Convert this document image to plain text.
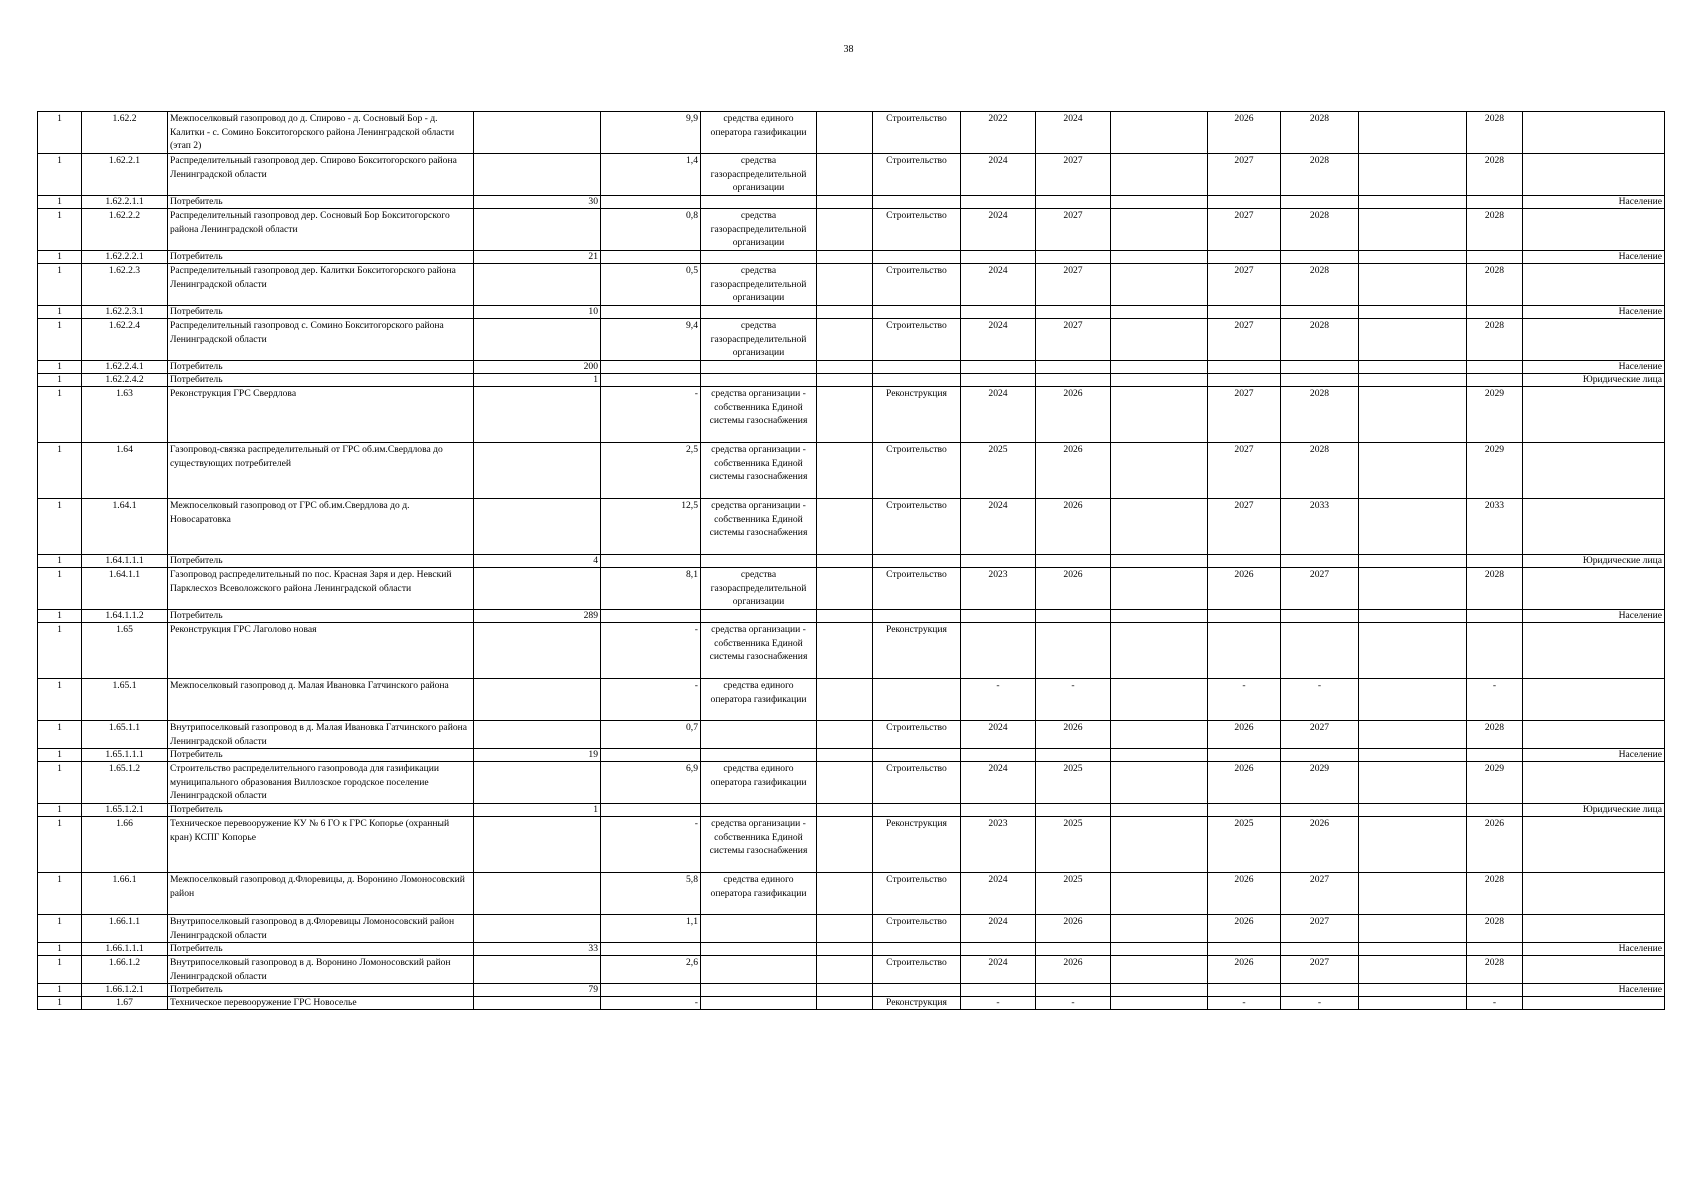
38
1	1.62.2	Межпоселковый газопровод до д. Спирово - д. Сосновый Бор - д. Калитки - с. Сомино Бокситогорского района Ленинградской области (этап 2)		9,9	средства единого оператора газификации		Строительство	2022	2024		2026	2028		2028	
1	1.62.2.1	Распределительный газопровод дер. Спирово Бокситогорского района Ленинградской области		1,4	средства газораспределительной организации		Строительство	2024	2027		2027	2028		2028	
1	1.62.2.1.1	Потребитель	30												Население
1	1.62.2.2	Распределительный газопровод дер. Сосновый Бор Бокситогорского района Ленинградской области		0,8	средства газораспределительной организации		Строительство	2024	2027		2027	2028		2028	
1	1.62.2.2.1	Потребитель	21												Население
1	1.62.2.3	Распределительный газопровод дер. Калитки Бокситогорского района Ленинградской области		0,5	средства газораспределительной организации		Строительство	2024	2027		2027	2028		2028	
1	1.62.2.3.1	Потребитель	10												Население
1	1.62.2.4	Распределительный газопровод с. Сомино Бокситогорского района Ленинградской области		9,4	средства газораспределительной организации		Строительство	2024	2027		2027	2028		2028	
1	1.62.2.4.1	Потребитель	200												Население
1	1.62.2.4.2	Потребитель	1												Юридические лица
1	1.63	Реконструкция ГРС Свердлова		-	средства организации - собственника Единой системы газоснабжения		Реконструкция	2024	2026		2027	2028		2029	
1	1.64	Газопровод-связка распределительный от ГРС об.им.Свердлова до существующих потребителей		2,5	средства организации - собственника Единой системы газоснабжения		Строительство	2025	2026		2027	2028		2029	
1	1.64.1	Межпоселковый газопровод от ГРС об.им.Свердлова до д. Новосаратовка		12,5	средства организации - собственника Единой системы газоснабжения		Строительство	2024	2026		2027	2033		2033	
1	1.64.1.1.1	Потребитель	4												Юридические лица
1	1.64.1.1	Газопровод распределительный по пос. Красная Заря и дер. Невский Парклесхоз Всеволожского района Ленинградской области		8,1	средства газораспределительной организации		Строительство	2023	2026		2026	2027		2028	
1	1.64.1.1.2	Потребитель	289												Население
1	1.65	Реконструкция ГРС Лаголово новая		-	средства организации - собственника Единой системы газоснабжения		Реконструкция								
1	1.65.1	Межпоселковый газопровод д. Малая Ивановка Гатчинского района		-	средства единого оператора газификации			-	-		-	-		-	
1	1.65.1.1	Внутрипоселковый газопровод в д. Малая Ивановка Гатчинского района Ленинградской области		0,7			Строительство	2024	2026		2026	2027		2028	
1	1.65.1.1.1	Потребитель	19												Население
1	1.65.1.2	Строительство распределительного газопровода для газификации муниципального образования Виллозское городское поселение Ленинградской области		6,9	средства единого оператора газификации		Строительство	2024	2025		2026	2029		2029	
1	1.65.1.2.1	Потребитель	1												Юридические лица
1	1.66	Техническое перевооружение КУ № 6 ГО к ГРС Копорье (охранный кран) КСПГ Копорье		-	средства организации - собственника Единой системы газоснабжения		Реконструкция	2023	2025		2025	2026		2026	
1	1.66.1	Межпоселковый газопровод д.Флоревицы, д. Воронино Ломоносовский район		5,8	средства единого оператора газификации		Строительство	2024	2025		2026	2027		2028	
1	1.66.1.1	Внутрипоселковый газопровод в д.Флоревицы Ломоносовский район Ленинградской области		1,1			Строительство	2024	2026		2026	2027		2028	
1	1.66.1.1.1	Потребитель	33												Население
1	1.66.1.2	Внутрипоселковый газопровод в д. Воронино Ломоносовский район Ленинградской области		2,6			Строительство	2024	2026		2026	2027		2028	
1	1.66.1.2.1	Потребитель	79												Население
1	1.67	Техническое перевооружение ГРС Новоселье		-			Реконструкция	-	-		-	-		-	
